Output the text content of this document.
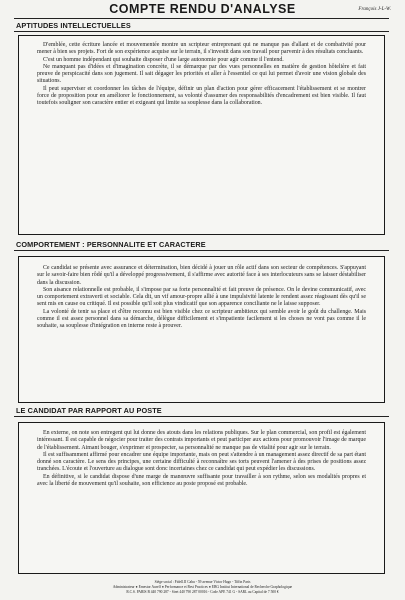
COMPTE RENDU D'ANALYSE	François J-L-W.
APTITUDES INTELLECTUELLES

D'emblée, cette écriture lancée et mouvementée montre un scripteur entreprenant qui ne manque pas d'allant et de combativité pour mener à bien ses projets. Fort de son expérience acquise sur le terrain, il s'investit dans son travail pour parvenir à des résultats concluants.

C'est un homme indépendant qui souhaite disposer d'une large autonomie pour agir comme il l'entend.

Ne manquant pas d'idées et d'imagination concrète, il se démarque par des vues personnelles en matière de gestion hôtelière et fait preuve de perspicacité dans son jugement. Il sait dégager les priorités et aller à l'essentiel ce qui lui permet d'avoir une vision globale des situations.

Il peut superviser et coordonner les tâches de l'équipe, définir un plan d'action pour gérer efficacement l'établissement et se montrer force de proposition pour en améliorer le fonctionnement, sa volonté d'assumer des responsabilités d'encadrement est bien visible. Il faut toutefois souligner son caractère entier et exigeant qui limite sa souplesse dans la collaboration.

COMPORTEMENT : PERSONNALITE ET CARACTERE

Ce candidat se présente avec assurance et détermination, bien décidé à jouer un rôle actif dans son secteur de compétences. S'appuyant sur le savoir-faire bien rôdé qu'il a développé progressivement, il s'affirme avec autorité face à ses interlocuteurs sans se laisser déstabiliser dans la discussion.

Son aisance relationnelle est probable, il s'impose par sa forte personnalité et fait preuve de présence. On le devine communicatif, avec un comportement extraverti et sociable. Cela dit, un vif amour-propre allié à une impulsivité latente le rendent assez réagissant dès qu'il se sent mis en cause ou critiqué. Il est possible qu'il soit plus vindicatif que son apparence conciliante ne le laisse supposer.

La volonté de tenir sa place et d'être reconnu est bien visible chez ce scripteur ambitieux qui semble avoir le goût du challenge. Mais comme il est assez personnel dans sa démarche, délègue difficilement et s'impatiente facilement si les choses ne vont pas comme il le souhaite, sa souplesse d'intégration en interne reste à prouver.

LE CANDIDAT PAR RAPPORT AU POSTE

En externe, on note son entregent qui lui donne des atouts dans les relations publiques. Sur le plan commercial, son profil est également intéressant. Il est capable de négocier pour traiter des contrats importants et peut participer aux actions pour promouvoir l'image de marque de l'établissement. Aimant bouger, s'exprimer et prospecter, sa personnalité ne manque pas de vitalité pour agir sur le terrain.

Il est suffisamment affirmé pour encadrer une équipe importante, mais on peut s'attendre à un management assez directif de sa part étant donné son caractère. Le sens des principes, une certaine difficulté à reconnaître ses torts peuvent l'amener à des prises de positions assez tranchées. L'écoute et l'ouverture au dialogue sont donc incertaines chez ce candidat qui peut expédier les discussions.

En définitive, si le candidat dispose d'une marge de manœuvre suffisante pour travailler à son rythme, selon ses modalités propres et avec la liberté de mouvement qu'il souhaite, son efficience au poste proposé est probable.

Siège social : Fidell.II Cabu - 59 avenue Victor Hugo - Tiffin Paris
Administrateur ● Ernestor Aurelf ● Performance et Best Practices ● EBG Institut International de Recherche Graphologique
R.C.S. PARIS B 440 790 287 - Siret 440 790 287 00016 - Code APE 741 G - SARL au Capital de 7 500 €
